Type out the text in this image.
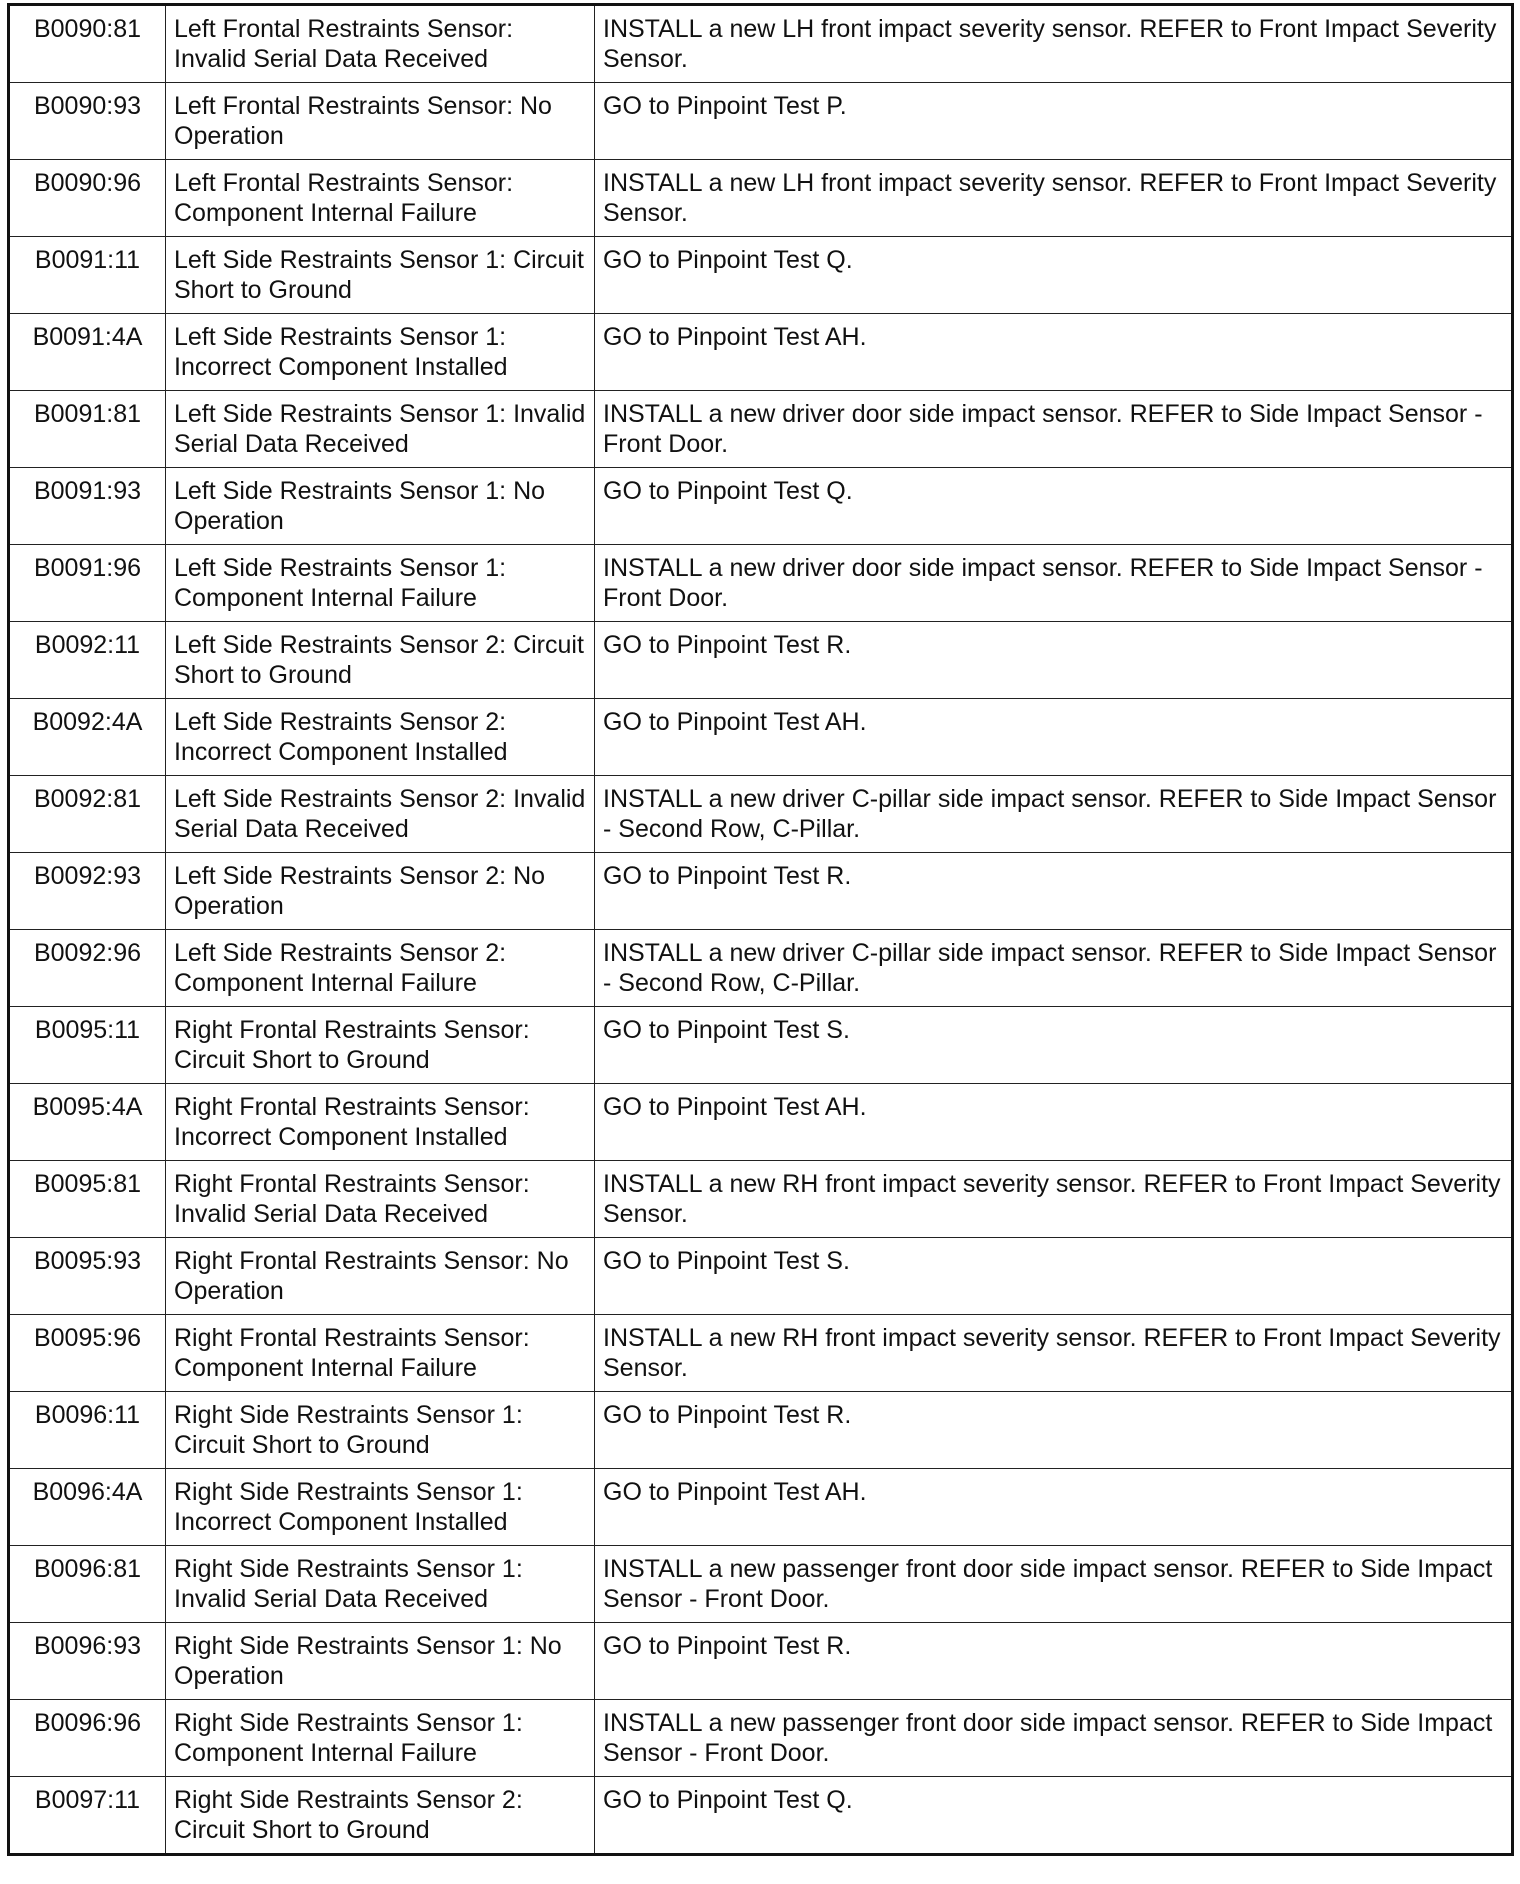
B0090:81	Left Frontal Restraints Sensor: Invalid Serial Data Received	INSTALL a new LH front impact severity sensor. REFER to Front Impact Severity Sensor.
B0090:93	Left Frontal Restraints Sensor: No Operation	GO to Pinpoint Test P.
B0090:96	Left Frontal Restraints Sensor: Component Internal Failure	INSTALL a new LH front impact severity sensor. REFER to Front Impact Severity Sensor.
B0091:11	Left Side Restraints Sensor 1: Circuit Short to Ground	GO to Pinpoint Test Q.
B0091:4A	Left Side Restraints Sensor 1: Incorrect Component Installed	GO to Pinpoint Test AH.
B0091:81	Left Side Restraints Sensor 1: Invalid Serial Data Received	INSTALL a new driver door side impact sensor. REFER to Side Impact Sensor - Front Door.
B0091:93	Left Side Restraints Sensor 1: No Operation	GO to Pinpoint Test Q.
B0091:96	Left Side Restraints Sensor 1: Component Internal Failure	INSTALL a new driver door side impact sensor. REFER to Side Impact Sensor - Front Door.
B0092:11	Left Side Restraints Sensor 2: Circuit Short to Ground	GO to Pinpoint Test R.
B0092:4A	Left Side Restraints Sensor 2: Incorrect Component Installed	GO to Pinpoint Test AH.
B0092:81	Left Side Restraints Sensor 2: Invalid Serial Data Received	INSTALL a new driver C-pillar side impact sensor. REFER to Side Impact Sensor - Second Row, C-Pillar.
B0092:93	Left Side Restraints Sensor 2: No Operation	GO to Pinpoint Test R.
B0092:96	Left Side Restraints Sensor 2: Component Internal Failure	INSTALL a new driver C-pillar side impact sensor. REFER to Side Impact Sensor - Second Row, C-Pillar.
B0095:11	Right Frontal Restraints Sensor: Circuit Short to Ground	GO to Pinpoint Test S.
B0095:4A	Right Frontal Restraints Sensor: Incorrect Component Installed	GO to Pinpoint Test AH.
B0095:81	Right Frontal Restraints Sensor: Invalid Serial Data Received	INSTALL a new RH front impact severity sensor. REFER to Front Impact Severity Sensor.
B0095:93	Right Frontal Restraints Sensor: No Operation	GO to Pinpoint Test S.
B0095:96	Right Frontal Restraints Sensor: Component Internal Failure	INSTALL a new RH front impact severity sensor. REFER to Front Impact Severity Sensor.
B0096:11	Right Side Restraints Sensor 1: Circuit Short to Ground	GO to Pinpoint Test R.
B0096:4A	Right Side Restraints Sensor 1: Incorrect Component Installed	GO to Pinpoint Test AH.
B0096:81	Right Side Restraints Sensor 1: Invalid Serial Data Received	INSTALL a new passenger front door side impact sensor. REFER to Side Impact Sensor - Front Door.
B0096:93	Right Side Restraints Sensor 1: No Operation	GO to Pinpoint Test R.
B0096:96	Right Side Restraints Sensor 1: Component Internal Failure	INSTALL a new passenger front door side impact sensor. REFER to Side Impact Sensor - Front Door.
B0097:11	Right Side Restraints Sensor 2: Circuit Short to Ground	GO to Pinpoint Test Q.
